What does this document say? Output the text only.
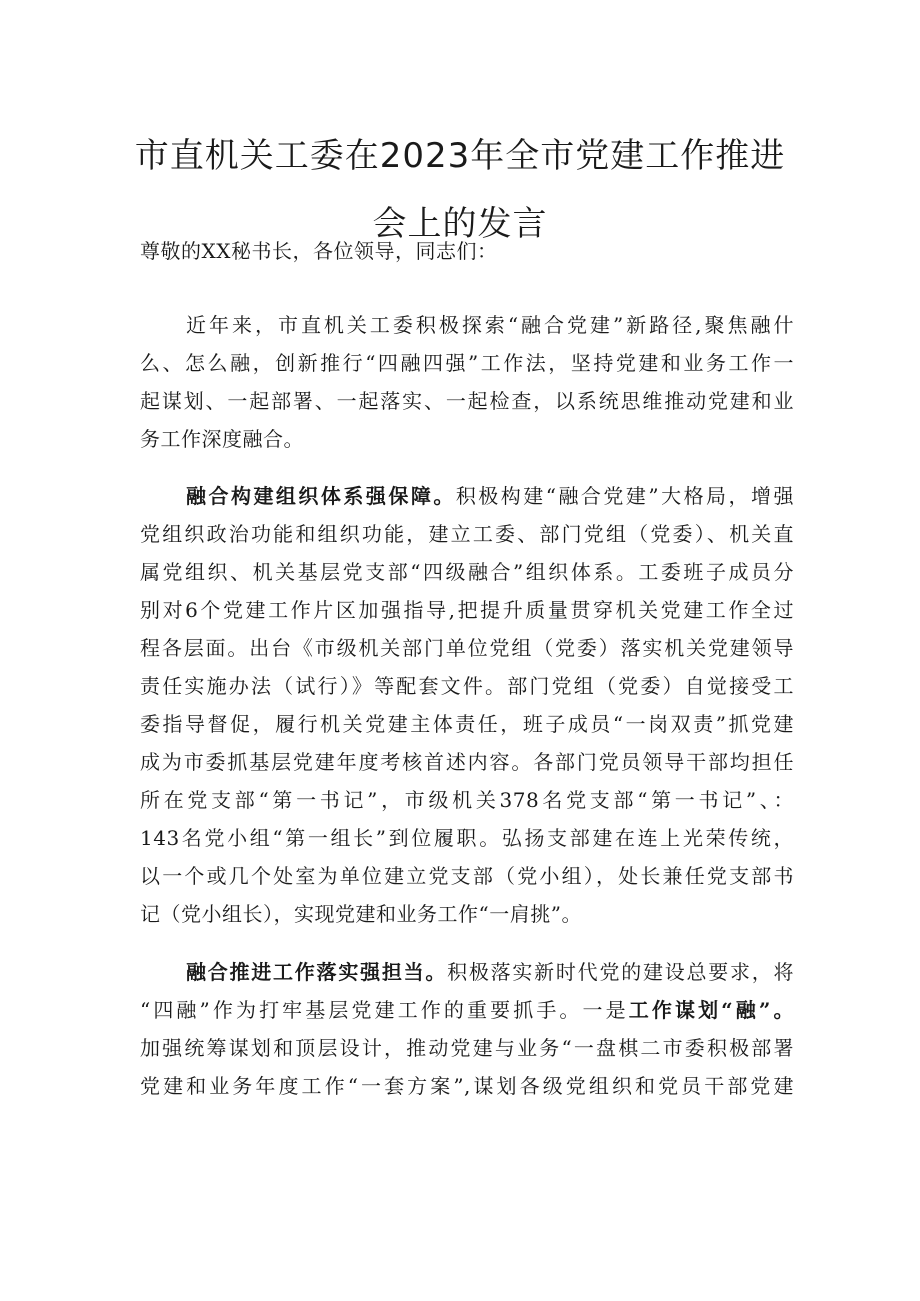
市直机关工委在2023年全市党建工作推进
会上的发言
尊敬的XX秘书长，各位领导，同志们：
近年来，市直机关工委积极探索“融合党建”新路径,聚焦融什
么、怎么融，创新推行“四融四强”工作法，坚持党建和业务工作一
起谋划、一起部署、一起落实、一起检查，以系统思维推动党建和业
务工作深度融合。
融合构建组织体系强保障。积极构建“融合党建”大格局，增强
党组织政治功能和组织功能，建立工委、部门党组（党委）、机关直
属党组织、机关基层党支部“四级融合”组织体系。工委班子成员分
别对6个党建工作片区加强指导,把提升质量贯穿机关党建工作全过
程各层面。出台《市级机关部门单位党组（党委）落实机关党建领导
责任实施办法（试行）》等配套文件。部门党组（党委）自觉接受工
委指导督促，履行机关党建主体责任，班子成员“一岗双责”抓党建
成为市委抓基层党建年度考核首述内容。各部门党员领导干部均担任
所在党支部“第一书记”，市级机关378名党支部“第一书记”、：
143名党小组“第一组长”到位履职。弘扬支部建在连上光荣传统，
以一个或几个处室为单位建立党支部（党小组），处长兼任党支部书
记（党小组长），实现党建和业务工作“一肩挑”。
融合推进工作落实强担当。积极落实新时代党的建设总要求，将
“四融”作为打牢基层党建工作的重要抓手。一是工作谋划“融”。
加强统筹谋划和顶层设计，推动党建与业务“一盘棋二市委积极部署
党建和业务年度工作“一套方案”,谋划各级党组织和党员干部党建
